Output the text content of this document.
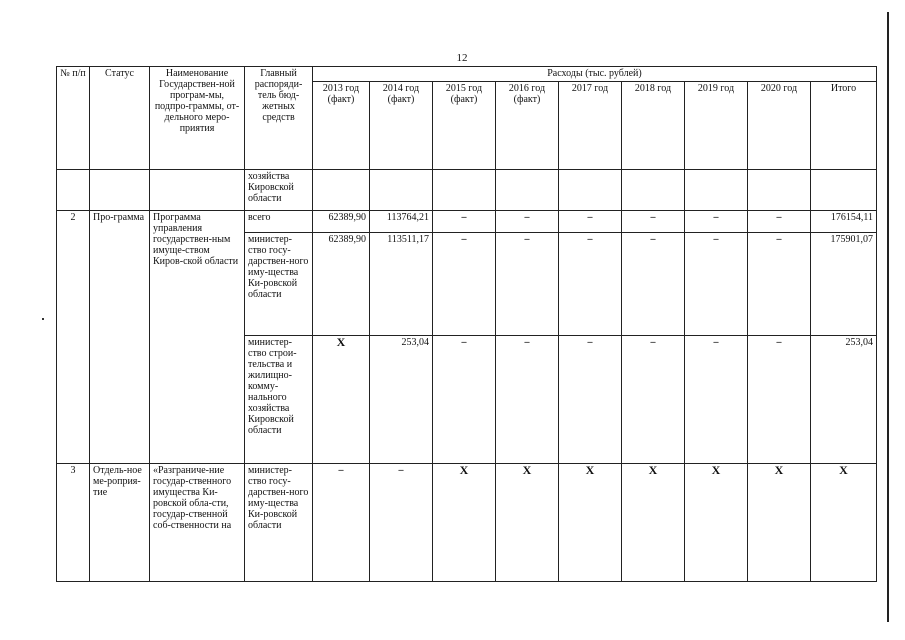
12
№ п/п	Статус	Наименование Государствен-ной програм-мы, подпро-граммы, от-дельного меро-приятия	Главный распоряди-тель бюд-жетных средств	Расходы (тыс. рублей)								
				2013 год (факт)	2014 год (факт)	2015 год (факт)	2016 год (факт)	2017 год	2018 год	2019 год	2020 год	Итого
			хозяйства Кировской области									
2	Про-грамма	Программа управления государствен-ным имуще-ством Киров-ской области	всего	62389,90	113764,21	–	–	–	–	–	–	176154,11
			министер-ство госу-дарствен-ного иму-щества Ки-ровской области	62389,90	113511,17	–	–	–	–	–	–	175901,07
			министер-ство строи-тельства и жилищно-комму-нального хозяйства Кировской области	Х	253,04	–	–	–	–	–	–	253,04
3	Отдель-ное ме-роприя-тие	«Разграниче-ние государ-ственного имущества Ки-ровской обла-сти, государ-ственной соб-ственности на	министер-ство госу-дарствен-ного иму-щества Ки-ровской области	–	–	Х	Х	Х	Х	Х	Х	Х
